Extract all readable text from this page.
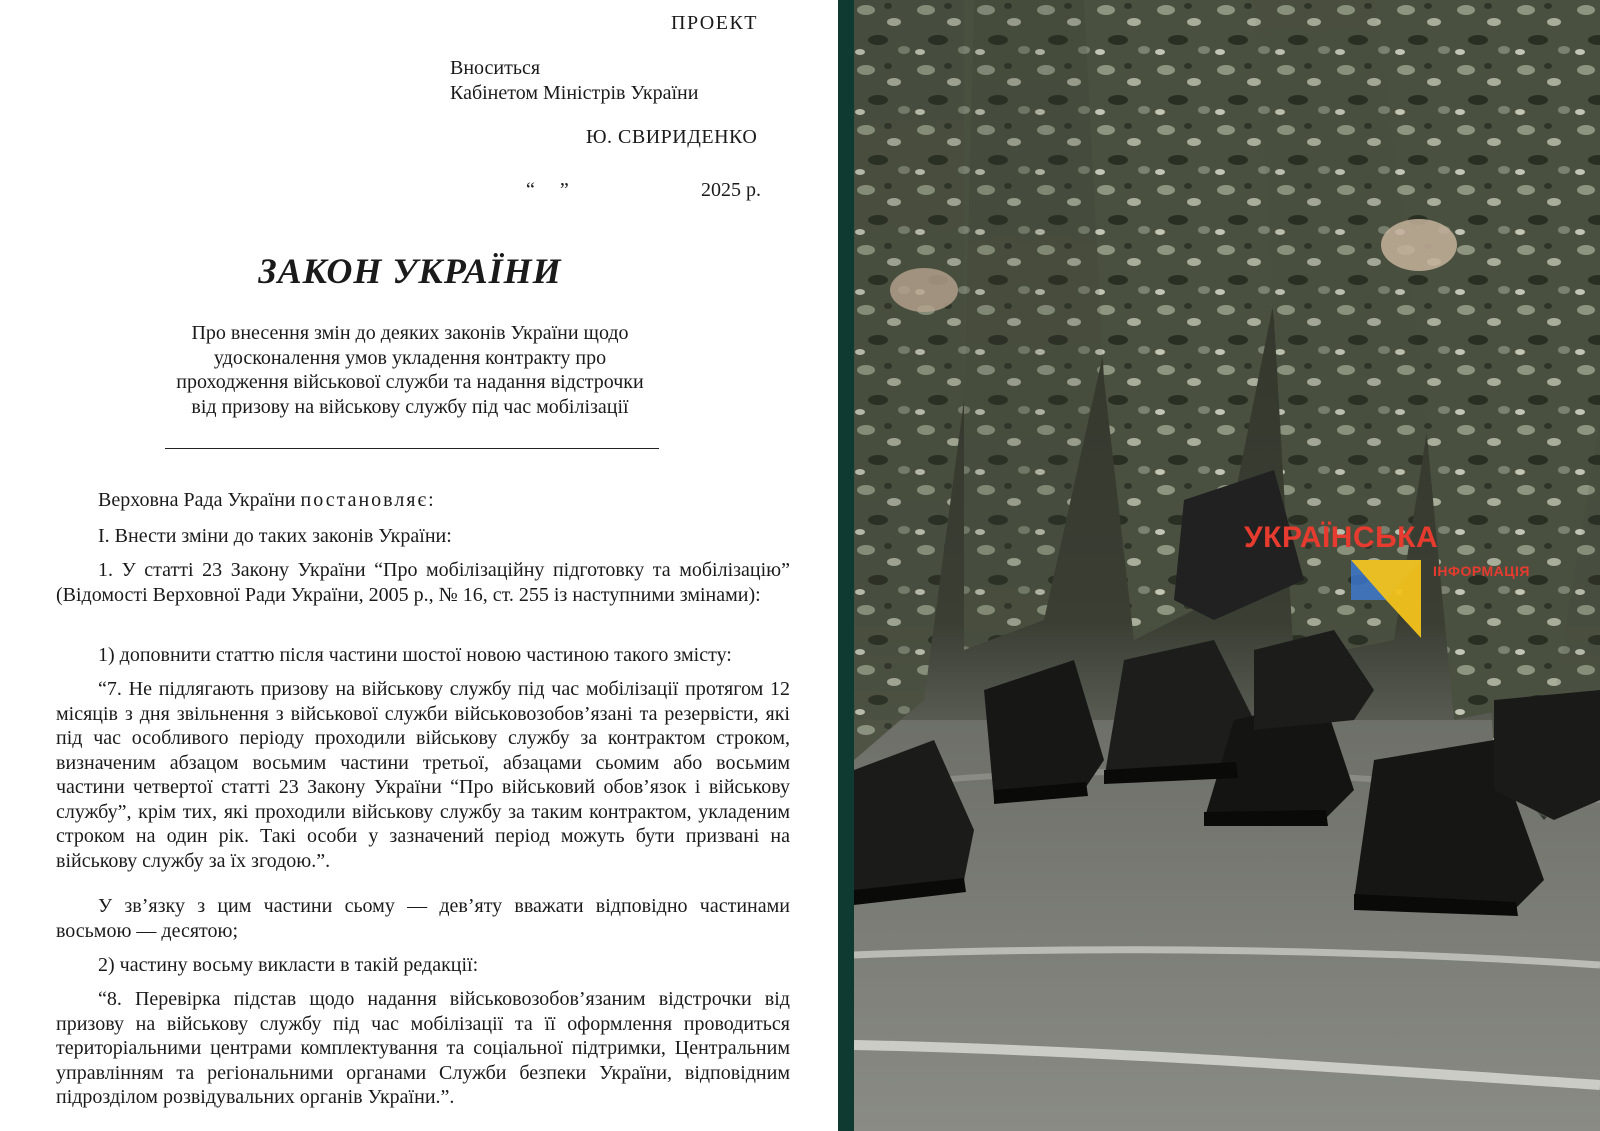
ПРОЕКТ
Вноситься
Кабінетом Міністрів України
Ю. СВИРИДЕНКО
“     ”	2025 р.
ЗАКОН УКРАЇНИ
Про внесення змін до деяких законів України щодо
удосконалення умов укладення контракту про
проходження військової служби та надання відстрочки
від призову на військову службу під час мобілізації
Верховна Рада України постановляє:
I. Внести зміни до таких законів України:
1. У статті 23 Закону України “Про мобілізаційну підготовку та мобілізацію” (Відомості Верховної Ради України, 2005 р., № 16, ст. 255 із наступними змінами):
1) доповнити статтю після частини шостої новою частиною такого змісту:
“7. Не підлягають призову на військову службу під час мобілізації протягом 12 місяців з дня звільнення з військової служби військовозобов’язані та резервісти, які під час особливого періоду проходили військову службу за контрактом строком, визначеним абзацом восьмим частини третьої, абзацами сьомим або восьмим частини четвертої статті 23 Закону України “Про військовий обов’язок і військову службу”, крім тих, які проходили військову службу за таким контрактом, укладеним строком на один рік. Такі особи у зазначений період можуть бути призвані на військову службу за їх згодою.”.
У зв’язку з цим частини сьому — дев’яту вважати відповідно частинами восьмою — десятою;
2) частину восьму викласти в такій редакції:
“8. Перевірка підстав щодо надання військовозобов’язаним відстрочки від призову на військову службу під час мобілізації та її оформлення проводиться територіальними центрами комплектування та соціальної підтримки, Центральним управлінням та регіональними органами Служби безпеки України, відповідним підрозділом розвідувальних органів України.”.
УКРАЇНСЬКА
ІНФОРМАЦІЯ
